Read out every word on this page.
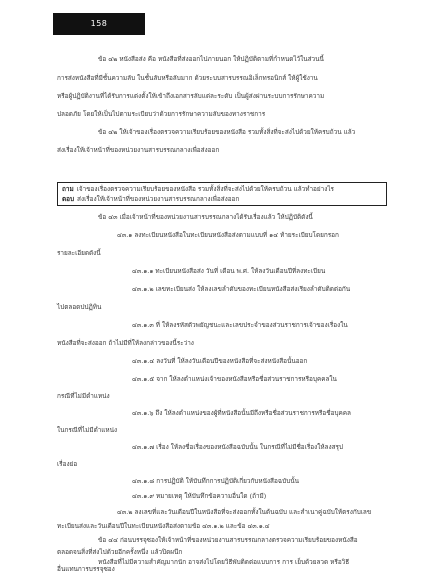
158
ข้อ ๔๒ หนังสือส่ง คือ หนังสือที่ส่งออกไปภายนอก ให้ปฏิบัติตามที่กำหนดไว้ในส่วนนี้
การส่งหนังสือที่มีชั้นความลับ ในชั้นลับหรือลับมาก ด้วยระบบสารบรรณอิเล็กทรอนิกส์ ให้ผู้ใช้งาน
หรือผู้ปฏิบัติงานที่ได้รับการแต่งตั้งให้เข้าถึงเอกสารลับแต่ละระดับ เป็นผู้ส่งผ่านระบบการรักษาความ
ปลอดภัย โดยให้เป็นไปตามระเบียบว่าด้วยการรักษาความลับของทางราชการ
ข้อ ๔๒ ให้เจ้าของเรื่องตรวจความเรียบร้อยของหนังสือ รวมทั้งสิ่งที่จะส่งไปด้วยให้ครบถ้วน แล้ว
ส่งเรื่องให้เจ้าหน้าที่ของหน่วยงานสารบรรณกลางเพื่อส่งออก
ถาม เจ้าของเรื่องตรวจความเรียบร้อยของหนังสือ รวมทั้งสิ่งที่จะส่งไปด้วยให้ครบถ้วน แล้วทำอย่างไร
ตอบ ส่งเรื่องให้เจ้าหน้าที่ของหน่วยงานสารบรรณกลางเพื่อส่งออก
ข้อ ๔๓ เมื่อเจ้าหน้าที่ของหน่วยงานสารบรรณกลางได้รับเรื่องแล้ว ให้ปฏิบัติดังนี้
๔๓.๑ ลงทะเบียนหนังสือในทะเบียนหนังสือส่งตามแบบที่ ๑๔ ท้ายระเบียบโดยกรอก
รายละเอียดดังนี้
๔๓.๑.๑ ทะเบียนหนังสือส่ง วันที่ เดือน พ.ศ. ให้ลงวันเดือนปีที่ลงทะเบียน
๔๓.๑.๒ เลขทะเบียนส่ง ให้ลงเลขลำดับของทะเบียนหนังสือส่งเรียงลำดับติดต่อกัน
ไปตลอดปปฏิทิน
๔๓.๑.๓ ที่ ให้ลงรหัสตัวพยัญชนะและเลขประจำของส่วนราชการเจ้าของเรื่องใน
หนังสือที่จะส่งออก ถ้าไม่มีที่ให้ลงกล่าวของนี้ระว่าง
๔๓.๑.๔ ลงวันที่ ให้ลงวันเดือนปีของหนังสือที่จะส่งหนังสือนั้นออก
๔๓.๑.๕ จาก ให้ลงตำแหน่งเจ้าของหนังสือหรือชื่อส่วนราชการหรือบุคคลใน
กรณีที่ไม่มีตำแหน่ง
๔๓.๑.๖ ถึง ให้ลงตำแหน่งของผู้ที่หนังสือนั้นมีถึงหรือชื่อส่วนราชการหรือชื่อบุคคล
ในกรณีที่ไม่มีตำแหน่ง
๔๓.๑.๗ เรื่อง ให้ลงชื่อเรื่องของหนังสือฉบับนั้น ในกรณีที่ไม่มีชื่อเรื่องให้ลงสรุป
เรื่องย่อ
๔๓.๑.๘ การปฏิบัติ ให้บันทึกการปฏิบัติเกี่ยวกับหนังสือฉบับนั้น
๔๓.๑.๙ หมายเหตุ ให้บันทึกข้อความอื่นใด (ถ้ามี)
๔๓.๒ ลงเลขที่และวันเดือนปีในหนังสือที่จะส่งออกทั้งในต้นฉบับ และสำเนาคู่ฉบับให้ตรงกับเลข
ทะเบียนส่งและวันเดือนปีในทะเบียนหนังสือส่งตามข้อ ๔๓.๑.๒ และข้อ ๔๓.๑.๔
ข้อ ๔๔ ก่อนบรรจุซองให้เจ้าหน้าที่ของหน่วยงานสารบรรณกลางตรวจความเรียบร้อยของหนังสือ
ตลอดจนสิ่งที่ส่งไปด้วยอีกครั้งหนึ่ง แล้วปิดผนึก
หนังสือที่ไม่มีความสำคัญมากนัก อาจส่งไปโดยวิธีพับติดต่อแบบการ การ เย็บด้วยลวด หรือวิธี
อื่นแทนการบรรจุซอง
